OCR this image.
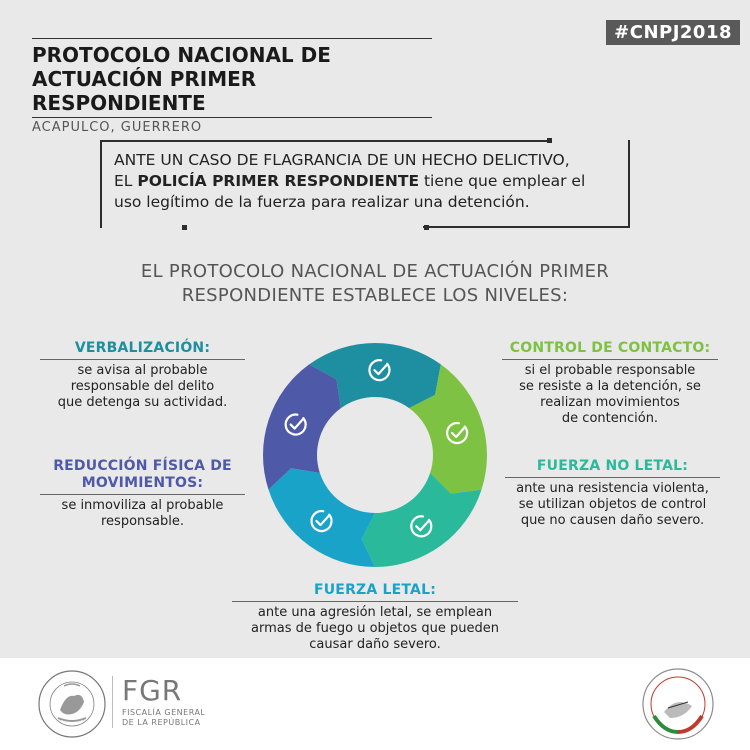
#CNPJ2018
PROTOCOLO NACIONAL DE
ACTUACIÓN PRIMER RESPONDIENTE
ACAPULCO, GUERRERO
ANTE UN CASO DE FLAGRANCIA DE UN HECHO DELICTIVO,
EL POLICÍA PRIMER RESPONDIENTE tiene que emplear el
uso legítimo de la fuerza para realizar una detención.
EL PROTOCOLO NACIONAL DE ACTUACIÓN PRIMER
RESPONDIENTE ESTABLECE LOS NIVELES:
VERBALIZACIÓN:
se avisa al probable
responsable del delito
que detenga su actividad.
REDUCCIÓN FÍSICA DE
MOVIMIENTOS:
se inmoviliza al probable
responsable.
CONTROL DE CONTACTO:
si el probable responsable
se resiste a la detención, se
realizan movimientos
de contención.
FUERZA NO LETAL:
ante una resistencia violenta,
se utilizan objetos de control
que no causen daño severo.
FUERZA LETAL:
ante una agresión letal, se emplean
armas de fuego u objetos que pueden
causar daño severo.
FGR
FISCALÍA GENERAL
DE LA REPÚBLICA
